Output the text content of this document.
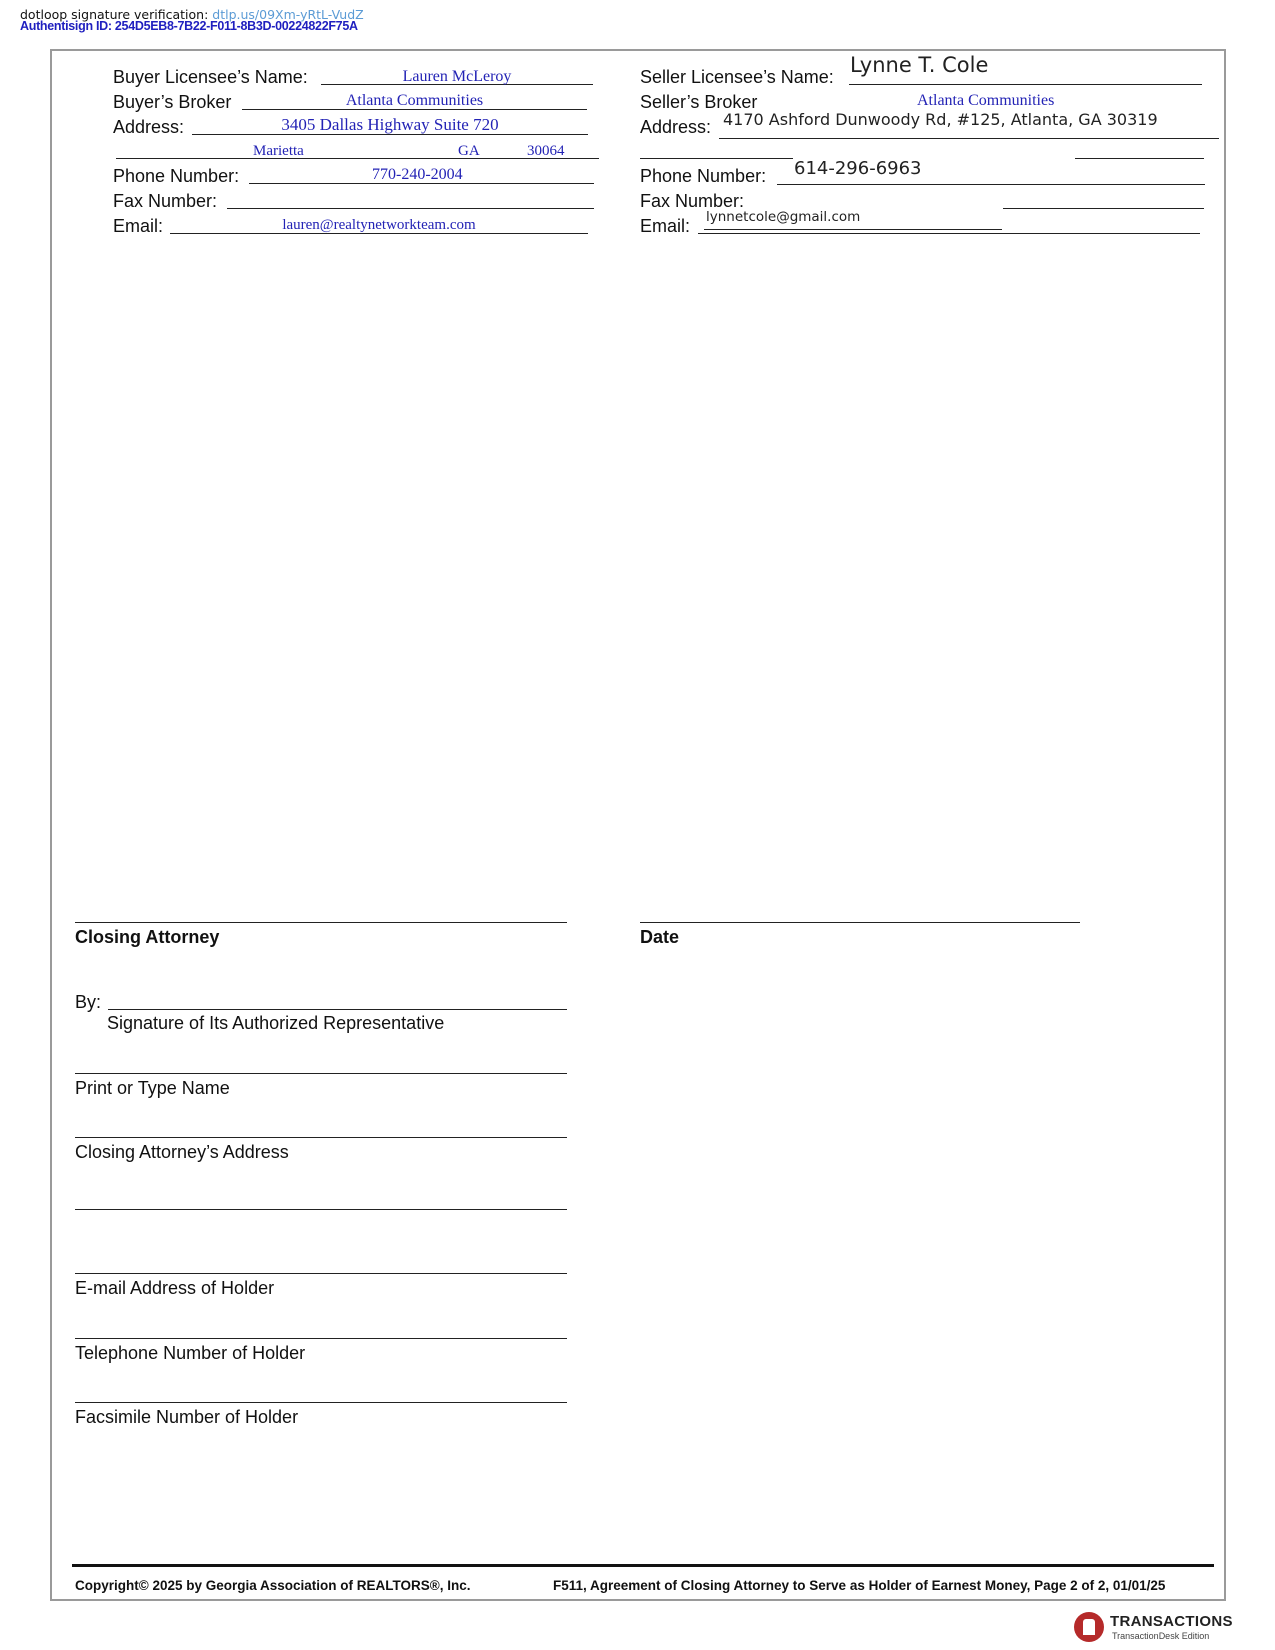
dotloop signature verification: dtlp.us/09Xm-yRtL-VudZ
Authentisign ID: 254D5EB8-7B22-F011-8B3D-00224822F75A
Buyer Licensee’s Name:	Lauren McLeroy
Buyer’s Broker	Atlanta Communities
Address:	3405 Dallas Highway Suite 720
Marietta	GA	30064
Phone Number:	770-240-2004
Fax Number:
Email:	lauren@realtynetworkteam.com
Seller Licensee’s Name: Lynne T. Cole
Seller’s Broker	Atlanta Communities
Address: 4170 Ashford Dunwoody Rd, #125, Atlanta, GA 30319
Phone Number: 614-296-6963
Fax Number:
Email: lynnetcole@gmail.com
Closing Attorney	Date
By:
Signature of Its Authorized Representative
Print or Type Name
Closing Attorney’s Address
E-mail Address of Holder
Telephone Number of Holder
Facsimile Number of Holder
Copyright© 2025 by Georgia Association of REALTORS®, Inc.	F511, Agreement of Closing Attorney to Serve as Holder of Earnest Money, Page 2 of 2, 01/01/25
TRANSACTIONS
TransactionDesk Edition
